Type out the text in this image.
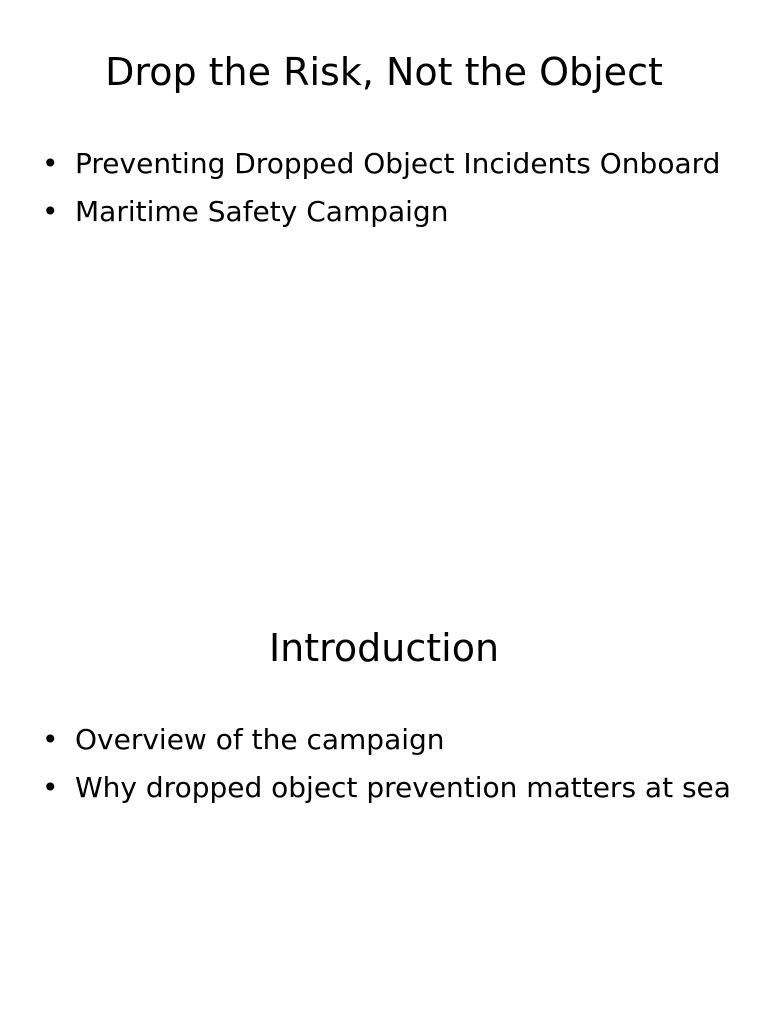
Drop the Risk, Not the Object
• Preventing Dropped Object Incidents Onboard
• Maritime Safety Campaign
Introduction
• Overview of the campaign
• Why dropped object prevention matters at sea
